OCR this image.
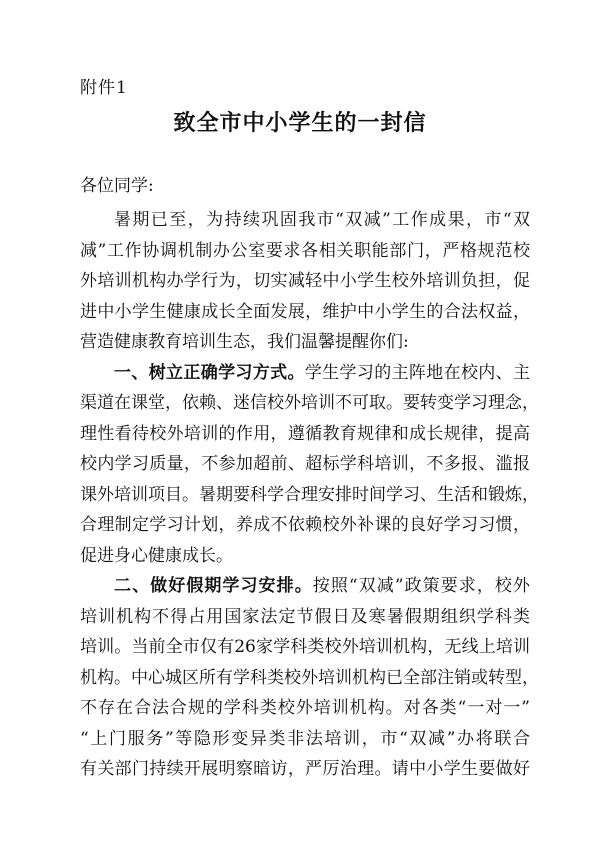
附件1
致全市中小学生的一封信
各位同学:
暑期已至，为持续巩固我市“双减”工作成果，市“双
减”工作协调机制办公室要求各相关职能部门，严格规范校
外培训机构办学行为，切实减轻中小学生校外培训负担，促
进中小学生健康成长全面发展，维护中小学生的合法权益，
营造健康教育培训生态，我们温馨提醒你们:
一、树立正确学习方式。学生学习的主阵地在校内、主
渠道在课堂，依赖、迷信校外培训不可取。要转变学习理念，
理性看待校外培训的作用，遵循教育规律和成长规律，提高
校内学习质量，不参加超前、超标学科培训，不多报、滥报
课外培训项目。暑期要科学合理安排时间学习、生活和锻炼，
合理制定学习计划，养成不依赖校外补课的良好学习习惯，
促进身心健康成长。
二、做好假期学习安排。按照“双减”政策要求，校外
培训机构不得占用国家法定节假日及寒暑假期组织学科类
培训。当前全市仅有26家学科类校外培训机构，无线上培训
机构。中心城区所有学科类校外培训机构已全部注销或转型，
不存在合法合规的学科类校外培训机构。对各类“一对一”
“上门服务”等隐形变异类非法培训，市“双减”办将联合
有关部门持续开展明察暗访，严厉治理。请中小学生要做好
